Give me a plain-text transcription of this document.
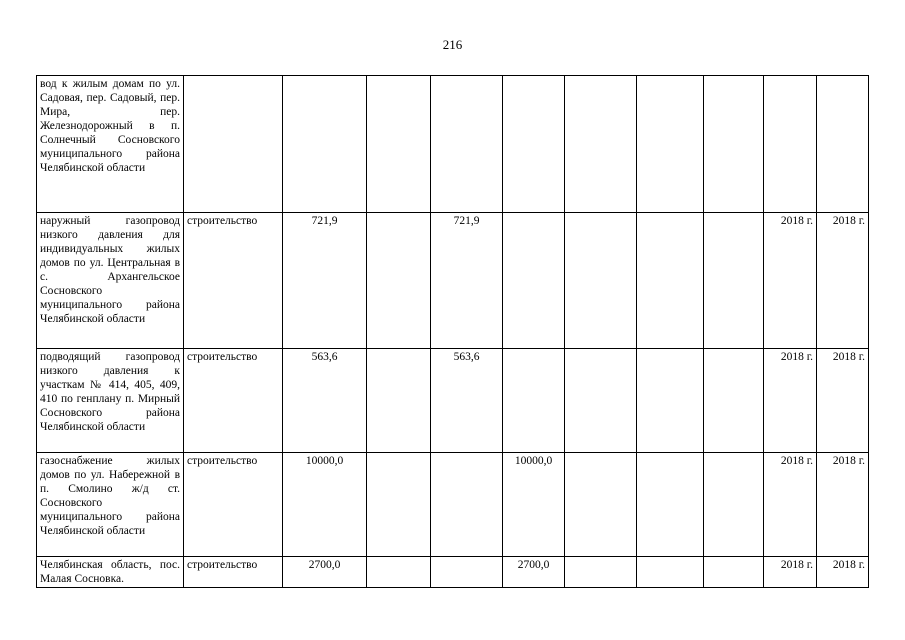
216
вод к жилым домам по ул. Садовая, пер. Садовый, пер. Мира, пер. Железнодорожный в п. Солнечный Сосновского муниципального района Челябинской области										
наружный газопровод низкого давления для индивидуальных жилых домов по ул. Центральная в с. Архангельское Сосновского муниципального района Челябинской области	строительство	721,9		721,9					2018 г.	2018 г.
подводящий газопровод низкого давления к участкам № 414, 405, 409, 410 по генплану п. Мирный Сосновского района Челябинской области	строительство	563,6		563,6					2018 г.	2018 г.
газоснабжение жилых домов по ул. Набережной в п. Смолино ж/д ст. Сосновского муниципального района Челябинской области	строительство	10000,0			10000,0				2018 г.	2018 г.
Челябинская область, пос. Малая Сосновка.	строительство	2700,0			2700,0				2018 г.	2018 г.
